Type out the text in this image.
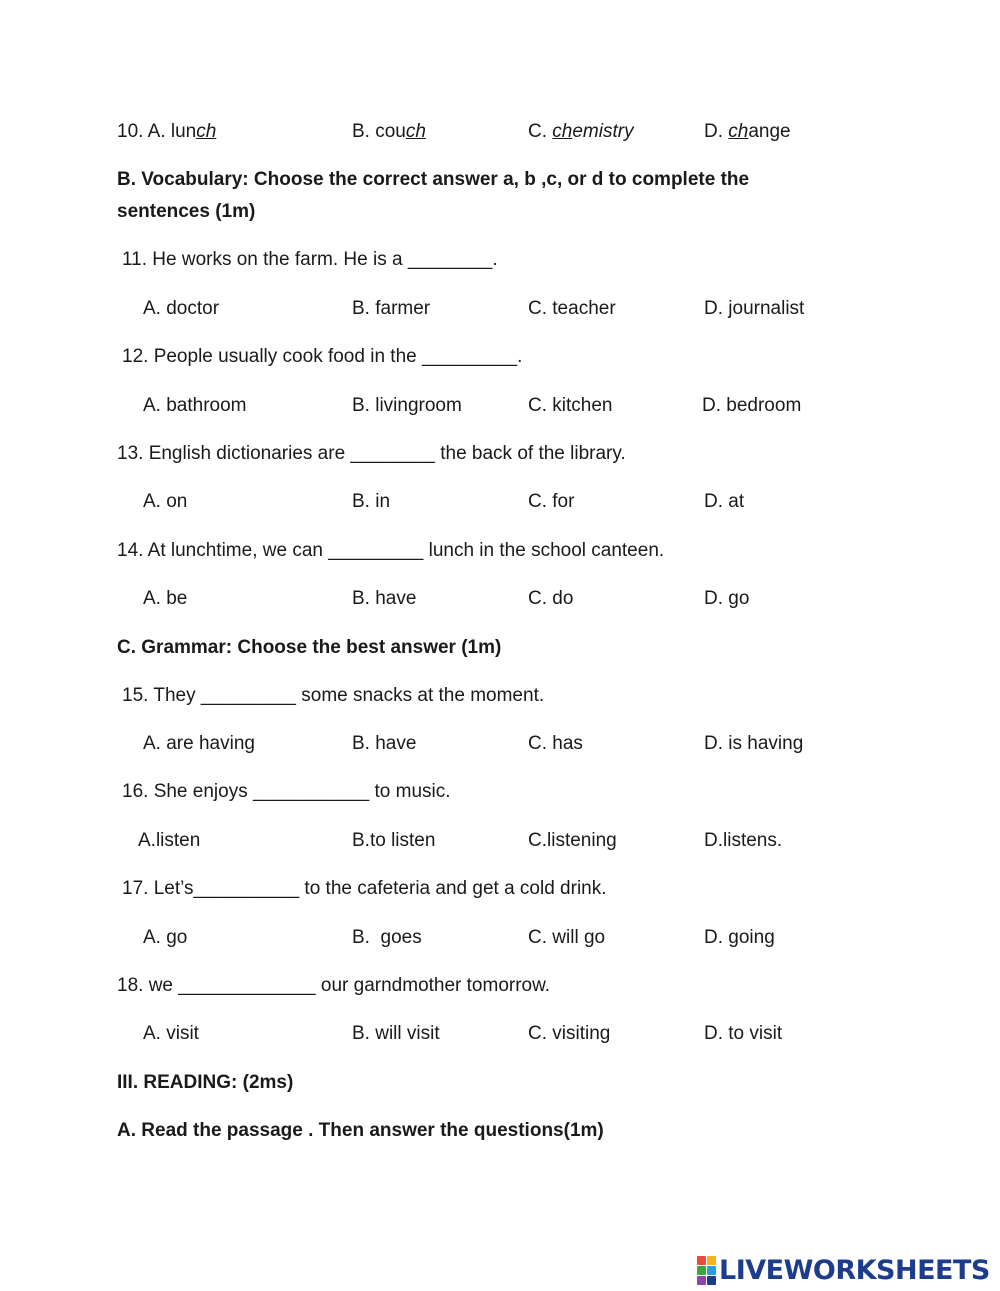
10. A. lunch	B. couch	C. chemistry	D. change
B. Vocabulary: Choose the correct answer a, b ,c, or d to complete the
sentences (1m)
11. He works on the farm. He is a ________.
A. doctor	B. farmer	C. teacher	D. journalist
12. People usually cook food in the _________.
A. bathroom	B. livingroom	C. kitchen	D. bedroom
13. English dictionaries are ________ the back of the library.
A. on	B. in	C. for	D. at
14. At lunchtime, we can _________ lunch in the school canteen.
A. be	B. have	C. do	D. go
C. Grammar: Choose the best answer (1m)
15. They _________ some snacks at the moment.
A. are having	B. have	C. has	D. is having
16. She enjoys ___________ to music.
A.listen	B.to listen	C.listening	D.listens.
17. Let’s__________ to the cafeteria and get a cold drink.
A. go	B.  goes	C. will go	D. going
18. we _____________ our garndmother tomorrow.
A. visit	B. will visit	C. visiting	D. to visit
III. READING: (2ms)
A. Read the passage . Then answer the questions(1m)
LIVEWORKSHEETS
